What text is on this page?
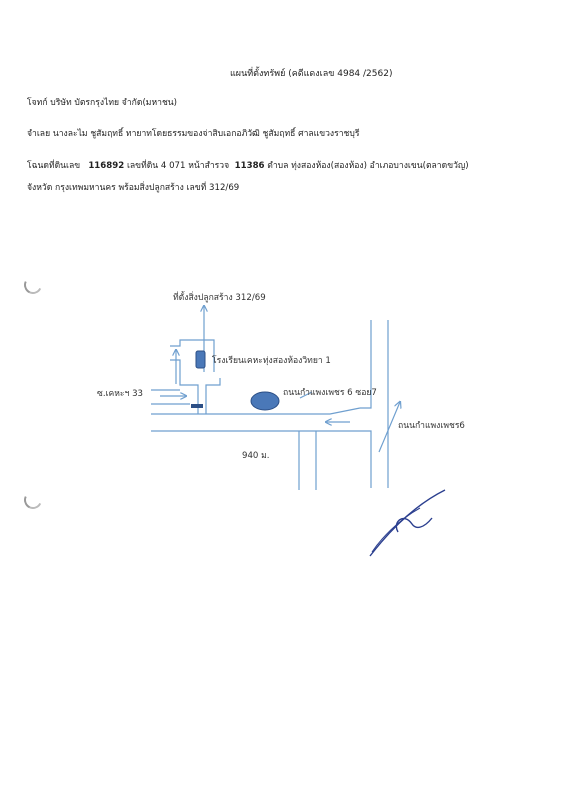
แผนที่ตั้งทรัพย์ (คดีแดงเลข 4984 /2562)
โจทก์ บริษัท บัตรกรุงไทย จำกัด(มหาชน)
จำเลย นางละไม ชูสัมฤทธิ์ ทายาทโดยธรรมของจ่าสิบเอกอภิวัฒิ ชูสัมฤทธิ์ ศาลแขวงราชบุรี
โฉนดที่ดินเลข 116892 เลขที่ดิน 4 071 หน้าสำรวจ 11386 ตำบล ทุ่งสองห้อง(สองห้อง) อำเภอบางเขน(ตลาดขวัญ)
จังหวัด กรุงเทพมหานคร พร้อมสิ่งปลูกสร้าง เลขที่ 312/69
ที่ตั้งสิ่งปลูกสร้าง 312/69
โรงเรียนเคหะทุ่งสองห้องวิทยา 1
ซ.เคหะฯ 33	ถนนกำแพงเพชร 6 ซอย7
ถนนกำแพงเพชร6
940 ม.
